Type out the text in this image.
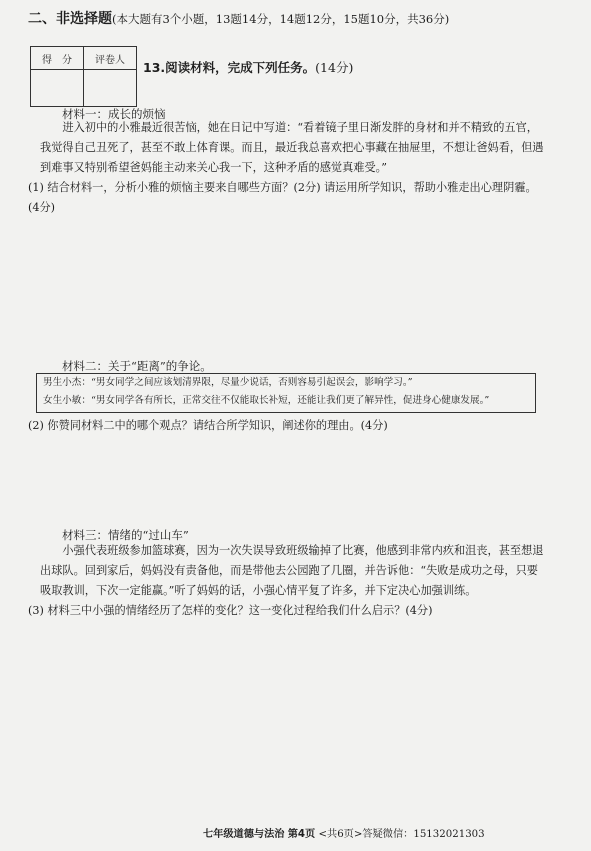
二、非选择题(本大题有3个小题，13题14分，14题12分，15题10分，共36分)
得　分	评卷人
	13.阅读材料，完成下列任务。(14分)
材料一：成长的烦恼
进入初中的小雅最近很苦恼，她在日记中写道：“看着镜子里日渐发胖的身材和并不精致的五官，我觉得自己丑死了，甚至不敢上体育课。而且，最近我总喜欢把心事藏在抽屉里，不想让爸妈看，但遇到难事又特别希望爸妈能主动来关心我一下，这种矛盾的感觉真难受。”
(1) 结合材料一，分析小雅的烦恼主要来自哪些方面？(2分) 请运用所学知识，帮助小雅走出心理阴霾。(4分)
材料二：关于“距离”的争论。
男生小杰：“男女同学之间应该划清界限，尽量少说话，否则容易引起误会，影响学习。”
女生小敏：“男女同学各有所长，正常交往不仅能取长补短，还能让我们更了解异性，促进身心健康发展。”
(2) 你赞同材料二中的哪个观点？请结合所学知识，阐述你的理由。(4分)
材料三：情绪的“过山车”
小强代表班级参加篮球赛，因为一次失误导致班级输掉了比赛，他感到非常内疚和沮丧，甚至想退出球队。回到家后，妈妈没有责备他，而是带他去公园跑了几圈，并告诉他：“失败是成功之母，只要吸取教训，下次一定能赢。”听了妈妈的话，小强心情平复了许多，并下定决心加强训练。
(3) 材料三中小强的情绪经历了怎样的变化？这一变化过程给我们什么启示？(4分)
七年级道德与法治 第4页 <共6页>答疑微信：15132021303
